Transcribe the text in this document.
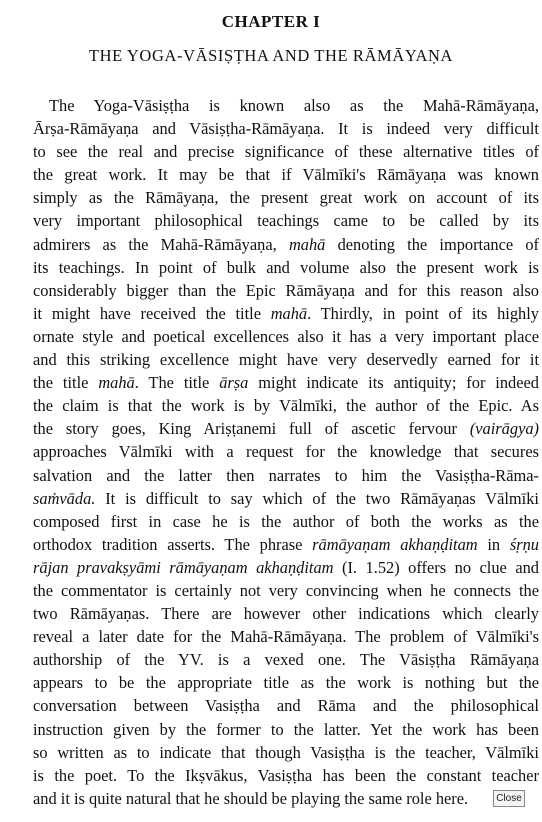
CHAPTER I
THE YOGA-VĀSIṢṬHA AND THE RĀMĀYAṆA
The Yoga-Vāsiṣṭha is known also as the Mahā-Rāmāyaṇa,
Ārṣa-Rāmāyaṇa and Vāsiṣṭha-Rāmāyaṇa. It is indeed very difficult
to see the real and precise significance of these alternative titles of
the great work. It may be that if Vālmīki's Rāmāyaṇa was known
simply as the Rāmāyaṇa, the present great work on account of its
very important philosophical teachings came to be called by its
admirers as the Mahā-Rāmāyaṇa, mahā denoting the importance of
its teachings. In point of bulk and volume also the present work is
considerably bigger than the Epic Rāmāyaṇa and for this reason also
it might have received the title mahā. Thirdly, in point of its highly
ornate style and poetical excellences also it has a very important place
and this striking excellence might have very deservedly earned for it
the title mahā. The title ārṣa might indicate its antiquity; for indeed
the claim is that the work is by Vālmīki, the author of the Epic. As
the story goes, King Ariṣṭanemi full of ascetic fervour (vairāgya)
approaches Vālmīki with a request for the knowledge that secures
salvation and the latter then narrates to him the Vasiṣṭha-Rāma-
saṁvāda. It is difficult to say which of the two Rāmāyaṇas Vālmīki
composed first in case he is the author of both the works as the
orthodox tradition asserts. The phrase rāmāyaṇam akhaṇḍitam in śṛṇu
rājan pravakṣyāmi rāmāyaṇam akhaṇḍitam (I. 1.52) offers no clue and
the commentator is certainly not very convincing when he connects the
two Rāmāyaṇas. There are however other indications which clearly
reveal a later date for the Mahā-Rāmāyaṇa. The problem of Vālmīki's
authorship of the YV. is a vexed one. The Vāsiṣṭha Rāmāyaṇa
appears to be the appropriate title as the work is nothing but the
conversation between Vasiṣṭha and Rāma and the philosophical
instruction given by the former to the latter. Yet the work has been
so written as to indicate that though Vasiṣṭha is the teacher, Vālmīki
is the poet. To the Ikṣvākus, Vasiṣṭha has been the constant teacher
and it is quite natural that he should be playing the same role here.	Close
